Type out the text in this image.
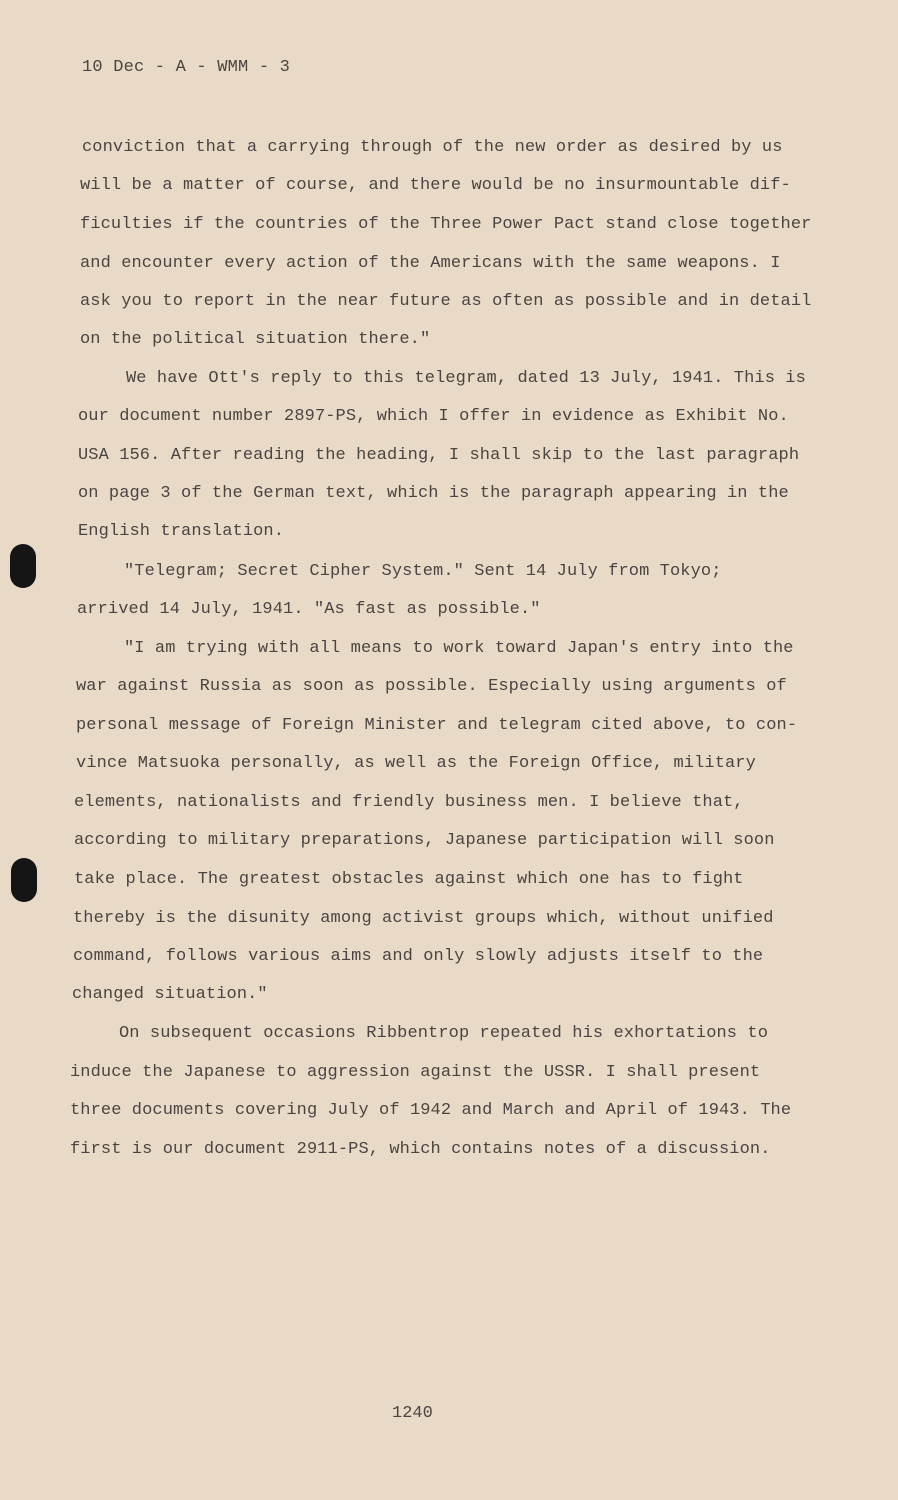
10 Dec - A - WMM - 3
conviction that a carrying through of the new order as desired by us
will be a matter of course, and there would be no insurmountable dif-
ficulties if the countries of the Three Power Pact stand close together
and encounter every action of the Americans with the same weapons. I
ask you to report in the near future as often as possible and in detail
on the political situation there."
We have Ott's reply to this telegram, dated 13 July, 1941. This is
our document number 2897-PS, which I offer in evidence as Exhibit No.
USA 156. After reading the heading, I shall skip to the last paragraph
on page 3 of the German text, which is the paragraph appearing in the
English translation.
"Telegram; Secret Cipher System." Sent 14 July from Tokyo;
arrived 14 July, 1941. "As fast as possible."
"I am trying with all means to work toward Japan's entry into the
war against Russia as soon as possible. Especially using arguments of
personal message of Foreign Minister and telegram cited above, to con-
vince Matsuoka personally, as well as the Foreign Office, military
elements, nationalists and friendly business men. I believe that,
according to military preparations, Japanese participation will soon
take place. The greatest obstacles against which one has to fight
thereby is the disunity among activist groups which, without unified
command, follows various aims and only slowly adjusts itself to the
changed situation."
On subsequent occasions Ribbentrop repeated his exhortations to
induce the Japanese to aggression against the USSR. I shall present
three documents covering July of 1942 and March and April of 1943. The
first is our document 2911-PS, which contains notes of a discussion.
1240
